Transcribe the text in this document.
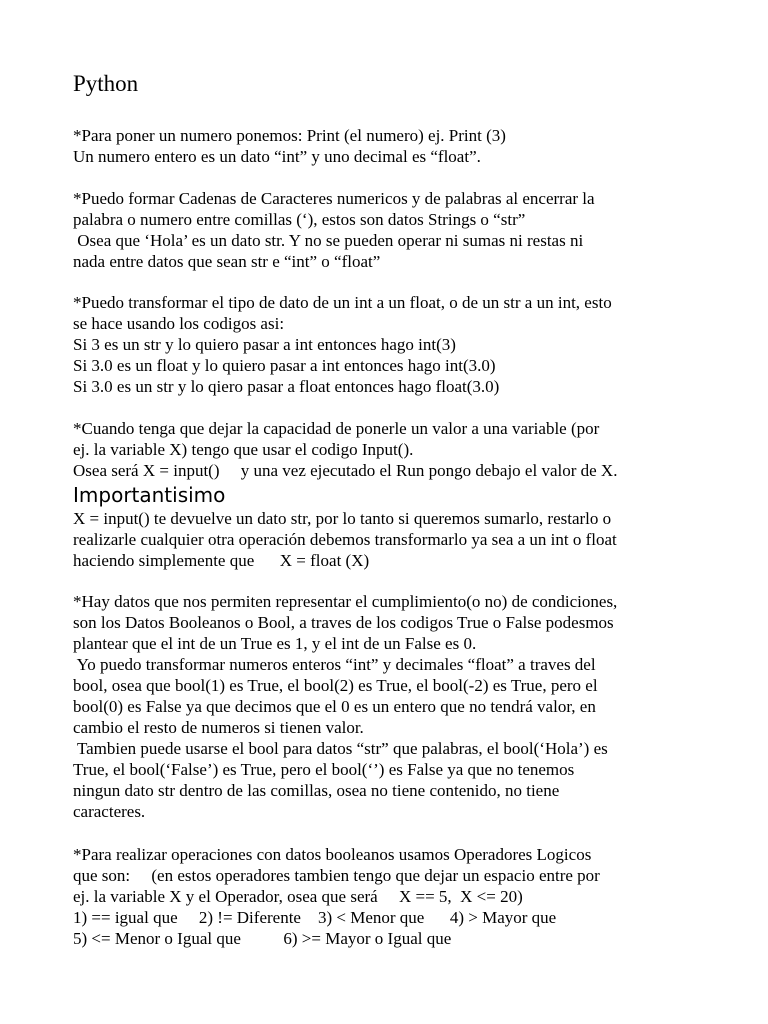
Python
*Para poner un numero ponemos: Print (el numero) ej. Print (3)
Un numero entero es un dato “int” y uno decimal es “float”.
*Puedo formar Cadenas de Caracteres numericos y de palabras al encerrar la
palabra o numero entre comillas (‘), estos son datos Strings o “str”
Osea que ‘Hola’ es un dato str. Y no se pueden operar ni sumas ni restas ni
nada entre datos que sean str e “int” o “float”
*Puedo transformar el tipo de dato de un int a un float, o de un str a un int, esto
se hace usando los codigos asi:
Si 3 es un str y lo quiero pasar a int entonces hago int(3)
Si 3.0 es un float y lo quiero pasar a int entonces hago int(3.0)
Si 3.0 es un str y lo qiero pasar a float entonces hago float(3.0)
*Cuando tenga que dejar la capacidad de ponerle un valor a una variable (por
ej. la variable X) tengo que usar el codigo Input().
Osea será X = input()     y una vez ejecutado el Run pongo debajo el valor de X.
Importantisimo
X = input() te devuelve un dato str, por lo tanto si queremos sumarlo, restarlo o
realizarle cualquier otra operación debemos transformarlo ya sea a un int o float
haciendo simplemente que      X = float (X)
*Hay datos que nos permiten representar el cumplimiento(o no) de condiciones,
son los Datos Booleanos o Bool, a traves de los codigos True o False podesmos
plantear que el int de un True es 1, y el int de un False es 0.
Yo puedo transformar numeros enteros “int” y decimales “float” a traves del
bool, osea que bool(1) es True, el bool(2) es True, el bool(-2) es True, pero el
bool(0) es False ya que decimos que el 0 es un entero que no tendrá valor, en
cambio el resto de numeros si tienen valor.
Tambien puede usarse el bool para datos “str” que palabras, el bool(‘Hola’) es
True, el bool(‘False’) es True, pero el bool(‘’) es False ya que no tenemos
ningun dato str dentro de las comillas, osea no tiene contenido, no tiene
caracteres.
*Para realizar operaciones con datos booleanos usamos Operadores Logicos
que son:     (en estos operadores tambien tengo que dejar un espacio entre por
ej. la variable X y el Operador, osea que será     X == 5,  X <= 20)
1) == igual que     2) != Diferente    3) < Menor que      4) > Mayor que
5) <= Menor o Igual que          6) >= Mayor o Igual que
